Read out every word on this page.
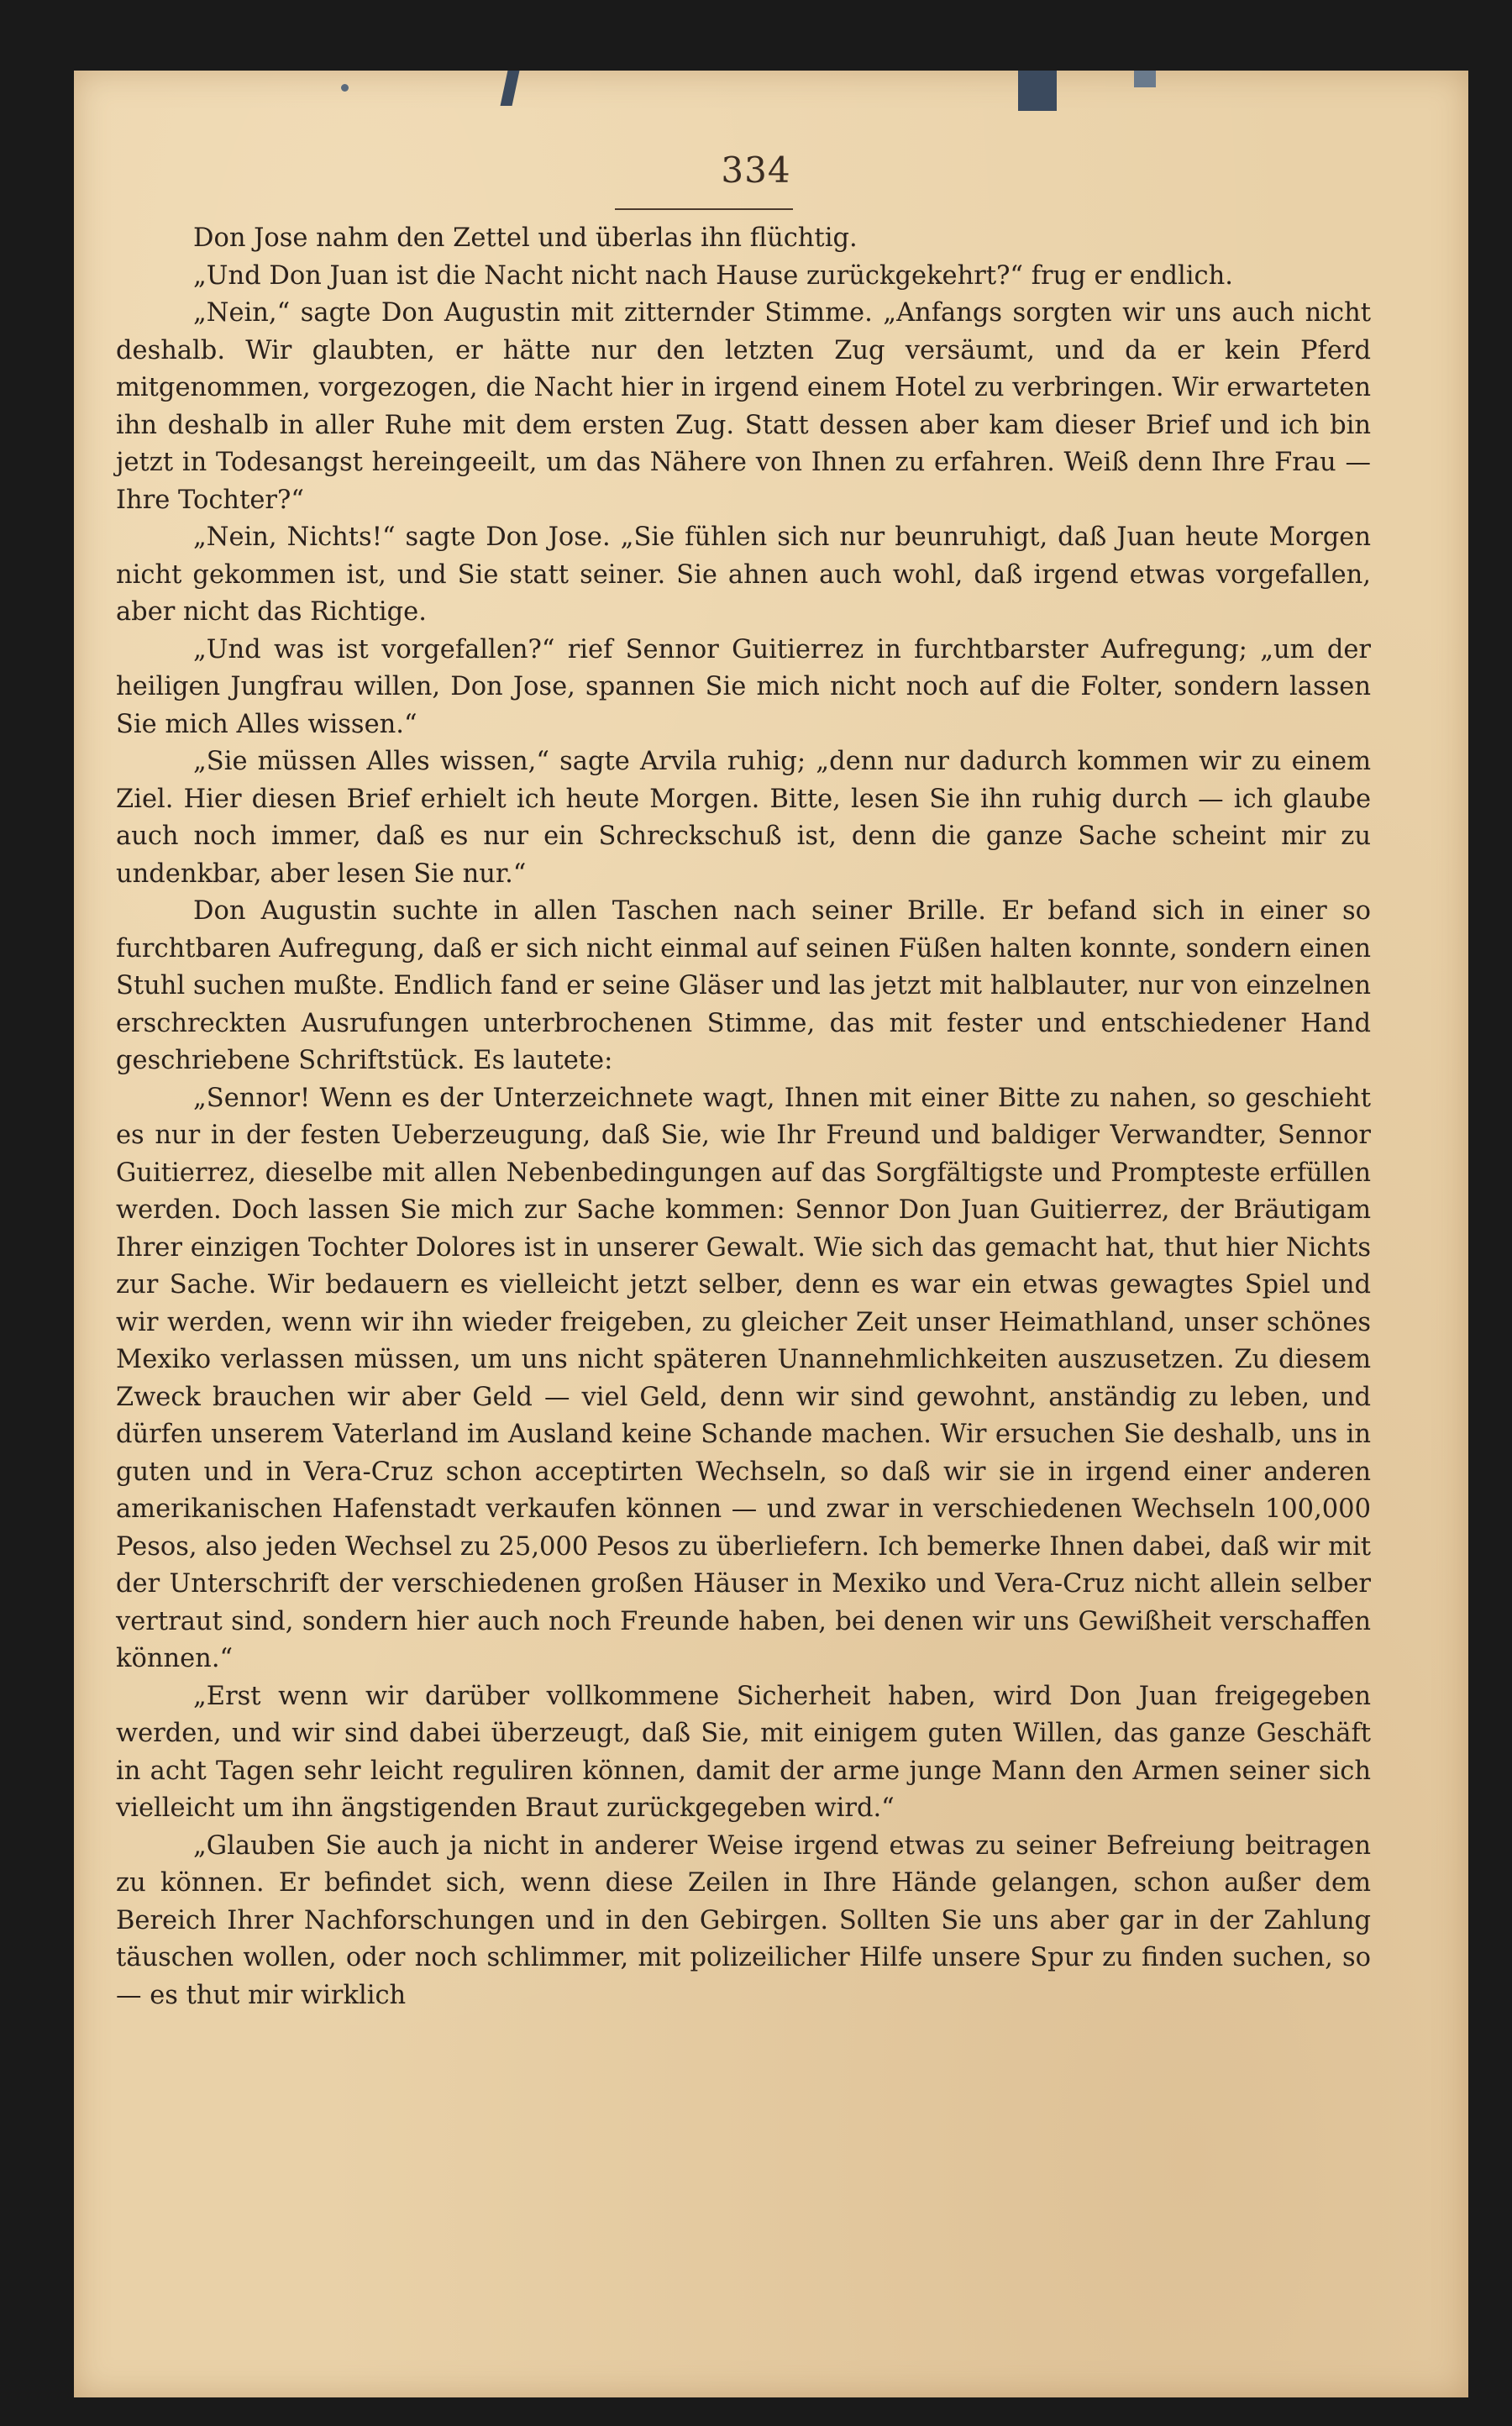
334

Don Jose nahm den Zettel und überlas ihn flüchtig.

„Und Don Juan ist die Nacht nicht nach Hause zurückgekehrt?“ frug er endlich.

„Nein,“ sagte Don Augustin mit zitternder Stimme. „Anfangs sorgten wir uns auch nicht deshalb. Wir glaubten, er hätte nur den letzten Zug versäumt, und da er kein Pferd mitgenommen, vorgezogen, die Nacht hier in irgend einem Hotel zu verbringen. Wir erwarteten ihn deshalb in aller Ruhe mit dem ersten Zug. Statt dessen aber kam dieser Brief und ich bin jetzt in Todesangst hereingeeilt, um das Nähere von Ihnen zu erfahren. Weiß denn Ihre Frau — Ihre Tochter?“

„Nein, Nichts!“ sagte Don Jose. „Sie fühlen sich nur beunruhigt, daß Juan heute Morgen nicht gekommen ist, und Sie statt seiner. Sie ahnen auch wohl, daß irgend etwas vorgefallen, aber nicht das Richtige.

„Und was ist vorgefallen?“ rief Sennor Guitierrez in furchtbarster Aufregung; „um der heiligen Jungfrau willen, Don Jose, spannen Sie mich nicht noch auf die Folter, sondern lassen Sie mich Alles wissen.“

„Sie müssen Alles wissen,“ sagte Arvila ruhig; „denn nur dadurch kommen wir zu einem Ziel. Hier diesen Brief erhielt ich heute Morgen. Bitte, lesen Sie ihn ruhig durch — ich glaube auch noch immer, daß es nur ein Schreckschuß ist, denn die ganze Sache scheint mir zu undenkbar, aber lesen Sie nur.“

Don Augustin suchte in allen Taschen nach seiner Brille. Er befand sich in einer so furchtbaren Aufregung, daß er sich nicht einmal auf seinen Füßen halten konnte, sondern einen Stuhl suchen mußte. Endlich fand er seine Gläser und las jetzt mit halblauter, nur von einzelnen erschreckten Ausrufungen unterbrochenen Stimme, das mit fester und entschiedener Hand geschriebene Schriftstück. Es lautete:

„Sennor! Wenn es der Unterzeichnete wagt, Ihnen mit einer Bitte zu nahen, so geschieht es nur in der festen Ueberzeugung, daß Sie, wie Ihr Freund und baldiger Verwandter, Sennor Guitierrez, dieselbe mit allen Nebenbedingungen auf das Sorgfältigste und Prompteste erfüllen werden. Doch lassen Sie mich zur Sache kommen: Sennor Don Juan Guitierrez, der Bräutigam Ihrer einzigen Tochter Dolores ist in unserer Gewalt. Wie sich das gemacht hat, thut hier Nichts zur Sache. Wir bedauern es vielleicht jetzt selber, denn es war ein etwas gewagtes Spiel und wir werden, wenn wir ihn wieder freigeben, zu gleicher Zeit unser Heimathland, unser schönes Mexiko verlassen müssen, um uns nicht späteren Unannehmlichkeiten auszusetzen. Zu diesem Zweck brauchen wir aber Geld — viel Geld, denn wir sind gewohnt, anständig zu leben, und dürfen unserem Vaterland im Ausland keine Schande machen. Wir ersuchen Sie deshalb, uns in guten und in Vera-Cruz schon acceptirten Wechseln, so daß wir sie in irgend einer anderen amerikanischen Hafenstadt verkaufen können — und zwar in verschiedenen Wechseln 100,000 Pesos, also jeden Wechsel zu 25,000 Pesos zu überliefern. Ich bemerke Ihnen dabei, daß wir mit der Unterschrift der verschiedenen großen Häuser in Mexiko und Vera-Cruz nicht allein selber vertraut sind, sondern hier auch noch Freunde haben, bei denen wir uns Gewißheit verschaffen können.“

„Erst wenn wir darüber vollkommene Sicherheit haben, wird Don Juan freigegeben werden, und wir sind dabei überzeugt, daß Sie, mit einigem guten Willen, das ganze Geschäft in acht Tagen sehr leicht reguliren können, damit der arme junge Mann den Armen seiner sich vielleicht um ihn ängstigenden Braut zurückgegeben wird.“

„Glauben Sie auch ja nicht in anderer Weise irgend etwas zu seiner Befreiung beitragen zu können. Er befindet sich, wenn diese Zeilen in Ihre Hände gelangen, schon außer dem Bereich Ihrer Nachforschungen und in den Gebirgen. Sollten Sie uns aber gar in der Zahlung täuschen wollen, oder noch schlimmer, mit polizeilicher Hilfe unsere Spur zu finden suchen, so — es thut mir wirklich
